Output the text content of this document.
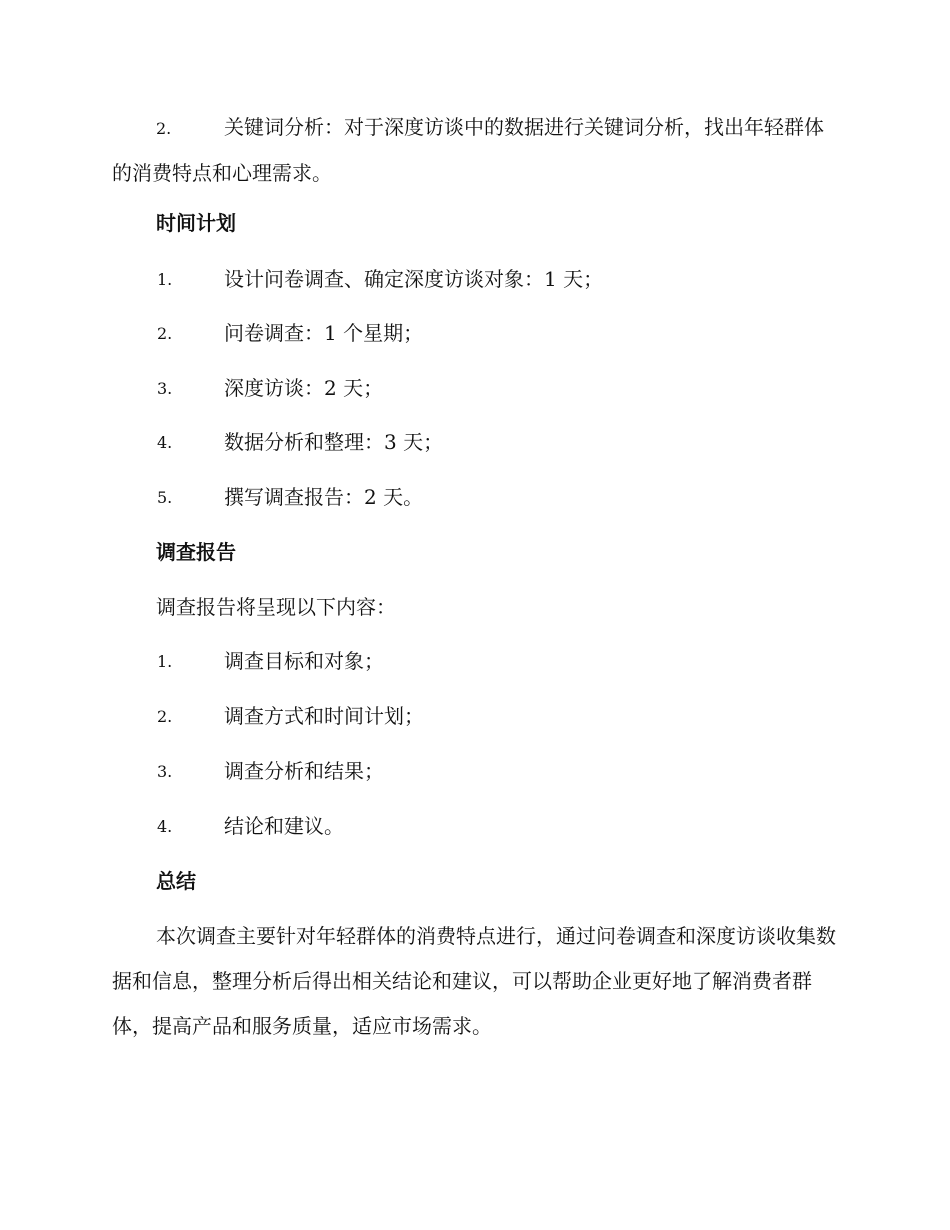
2.	关键词分析：对于深度访谈中的数据进行关键词分析，找出年轻群体的消费特点和心理需求。

时间计划
1.	设计问卷调查、确定深度访谈对象：1 天；
2.	问卷调查：1 个星期；
3.	深度访谈：2 天；
4.	数据分析和整理：3 天；
5.	撰写调查报告：2 天。
调查报告

调查报告将呈现以下内容：

1.	调查目标和对象；
2.	调查方式和时间计划；
3.	调查分析和结果；
4.	结论和建议。
总结

本次调查主要针对年轻群体的消费特点进行，通过问卷调查和深度访谈收集数据和信息，整理分析后得出相关结论和建议，可以帮助企业更好地了解消费者群体，提高产品和服务质量，适应市场需求。
